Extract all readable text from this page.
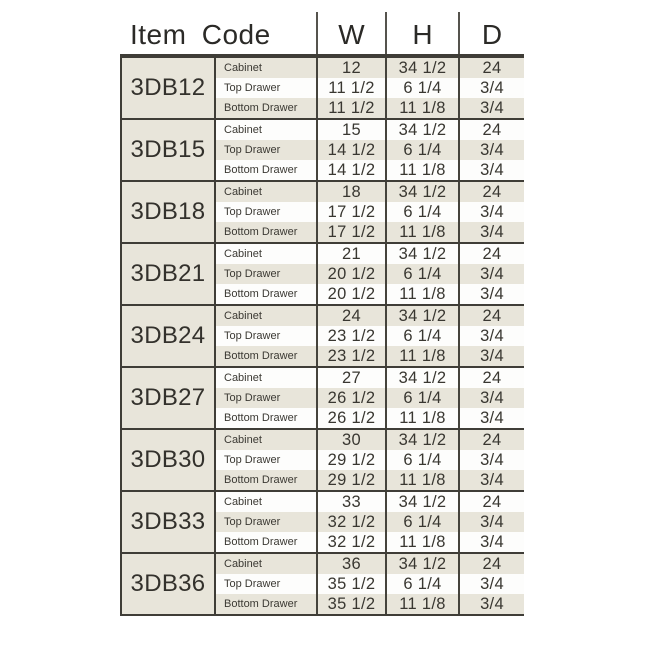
Item Code	W	H	D
3DB12
Cabinet	12	34 1/2	24
Top Drawer	11 1/2	6 1/4	3/4
Bottom Drawer	11 1/2	11 1/8	3/4
3DB15
Cabinet	15	34 1/2	24
Top Drawer	14 1/2	6 1/4	3/4
Bottom Drawer	14 1/2	11 1/8	3/4
3DB18
Cabinet	18	34 1/2	24
Top Drawer	17 1/2	6 1/4	3/4
Bottom Drawer	17 1/2	11 1/8	3/4
3DB21
Cabinet	21	34 1/2	24
Top Drawer	20 1/2	6 1/4	3/4
Bottom Drawer	20 1/2	11 1/8	3/4
3DB24
Cabinet	24	34 1/2	24
Top Drawer	23 1/2	6 1/4	3/4
Bottom Drawer	23 1/2	11 1/8	3/4
3DB27
Cabinet	27	34 1/2	24
Top Drawer	26 1/2	6 1/4	3/4
Bottom Drawer	26 1/2	11 1/8	3/4
3DB30
Cabinet	30	34 1/2	24
Top Drawer	29 1/2	6 1/4	3/4
Bottom Drawer	29 1/2	11 1/8	3/4
3DB33
Cabinet	33	34 1/2	24
Top Drawer	32 1/2	6 1/4	3/4
Bottom Drawer	32 1/2	11 1/8	3/4
3DB36
Cabinet	36	34 1/2	24
Top Drawer	35 1/2	6 1/4	3/4
Bottom Drawer	35 1/2	11 1/8	3/4
